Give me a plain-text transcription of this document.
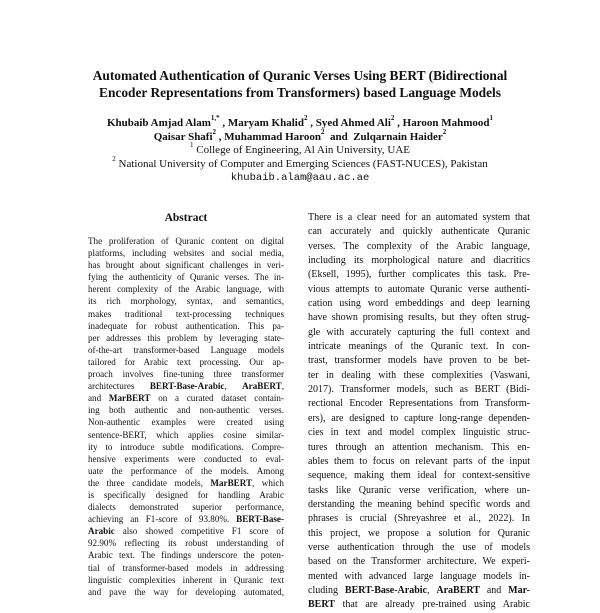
Automated Authentication of Quranic Verses Using BERT (Bidirectional
Encoder Representations from Transformers) based Language Models
Khubaib Amjad Alam$^{1,*}$ , Maryam Khalid$^2$ , Syed Ahmed Ali$^2$ , Haroon Mahmood$^1$
Qaisar Shafi$^2$ , Muhammad Haroon$^2$  and  Zulqarnain Haider$^2$
$^1$ College of Engineering, Al Ain University, UAE
$^2$ National University of Computer and Emerging Sciences (FAST-NUCES), Pakistan
khubaib.alam@aau.ac.ae
Abstract
The proliferation of Quranic content on digital
platforms, including websites and social media,
has brought about significant challenges in veri-
fying the authenticity of Quranic verses. The in-
herent complexity of the Arabic language, with
its rich morphology, syntax, and semantics,
makes traditional text-processing techniques
inadequate for robust authentication. This pa-
per addresses this problem by leveraging state-
of-the-art transformer-based Language models
tailored for Arabic text processing. Our ap-
proach involves fine-tuning three transformer
architectures BERT-Base-Arabic, AraBERT,
and MarBERT on a curated dataset contain-
ing both authentic and non-authentic verses.
Non-authentic examples were created using
sentence-BERT, which applies cosine similar-
ity to introduce subtle modifications. Compre-
hensive experiments were conducted to eval-
uate the performance of the models. Among
the three candidate models, MarBERT, which
is specifically designed for handling Arabic
dialects demonstrated superior performance,
achieving an F1-score of 93.80%. BERT-Base-
Arabic also showed competitive F1 score of
92.90% reflecting its robust understanding of
Arabic text. The findings underscore the poten-
tial of transformer-based models in addressing
linguistic complexities inherent in Quranic text
and pave the way for developing automated,
There is a clear need for an automated system that
can accurately and quickly authenticate Quranic
verses. The complexity of the Arabic language,
including its morphological nature and diacritics
(Eksell, 1995), further complicates this task. Pre-
vious attempts to automate Quranic verse authenti-
cation using word embeddings and deep learning
have shown promising results, but they often strug-
gle with accurately capturing the full context and
intricate meanings of the Quranic text. In con-
trast, transformer models have proven to be bet-
ter in dealing with these complexities (Vaswani,
2017). Transformer models, such as BERT (Bidi-
rectional Encoder Representations from Transform-
ers), are designed to capture long-range dependen-
cies in text and model complex linguistic struc-
tures through an attention mechanism. This en-
ables them to focus on relevant parts of the input
sequence, making them ideal for context-sensitive
tasks like Quranic verse verification, where un-
derstanding the meaning behind specific words and
phrases is crucial (Shreyashree et al., 2022). In
this project, we propose a solution for Quranic
verse authentication through the use of models
based on the Transformer architecture. We experi-
mented with advanced large language models in-
cluding BERT-Base-Arabic, AraBERT and Mar-
BERT that are already pre-trained using Arabic
